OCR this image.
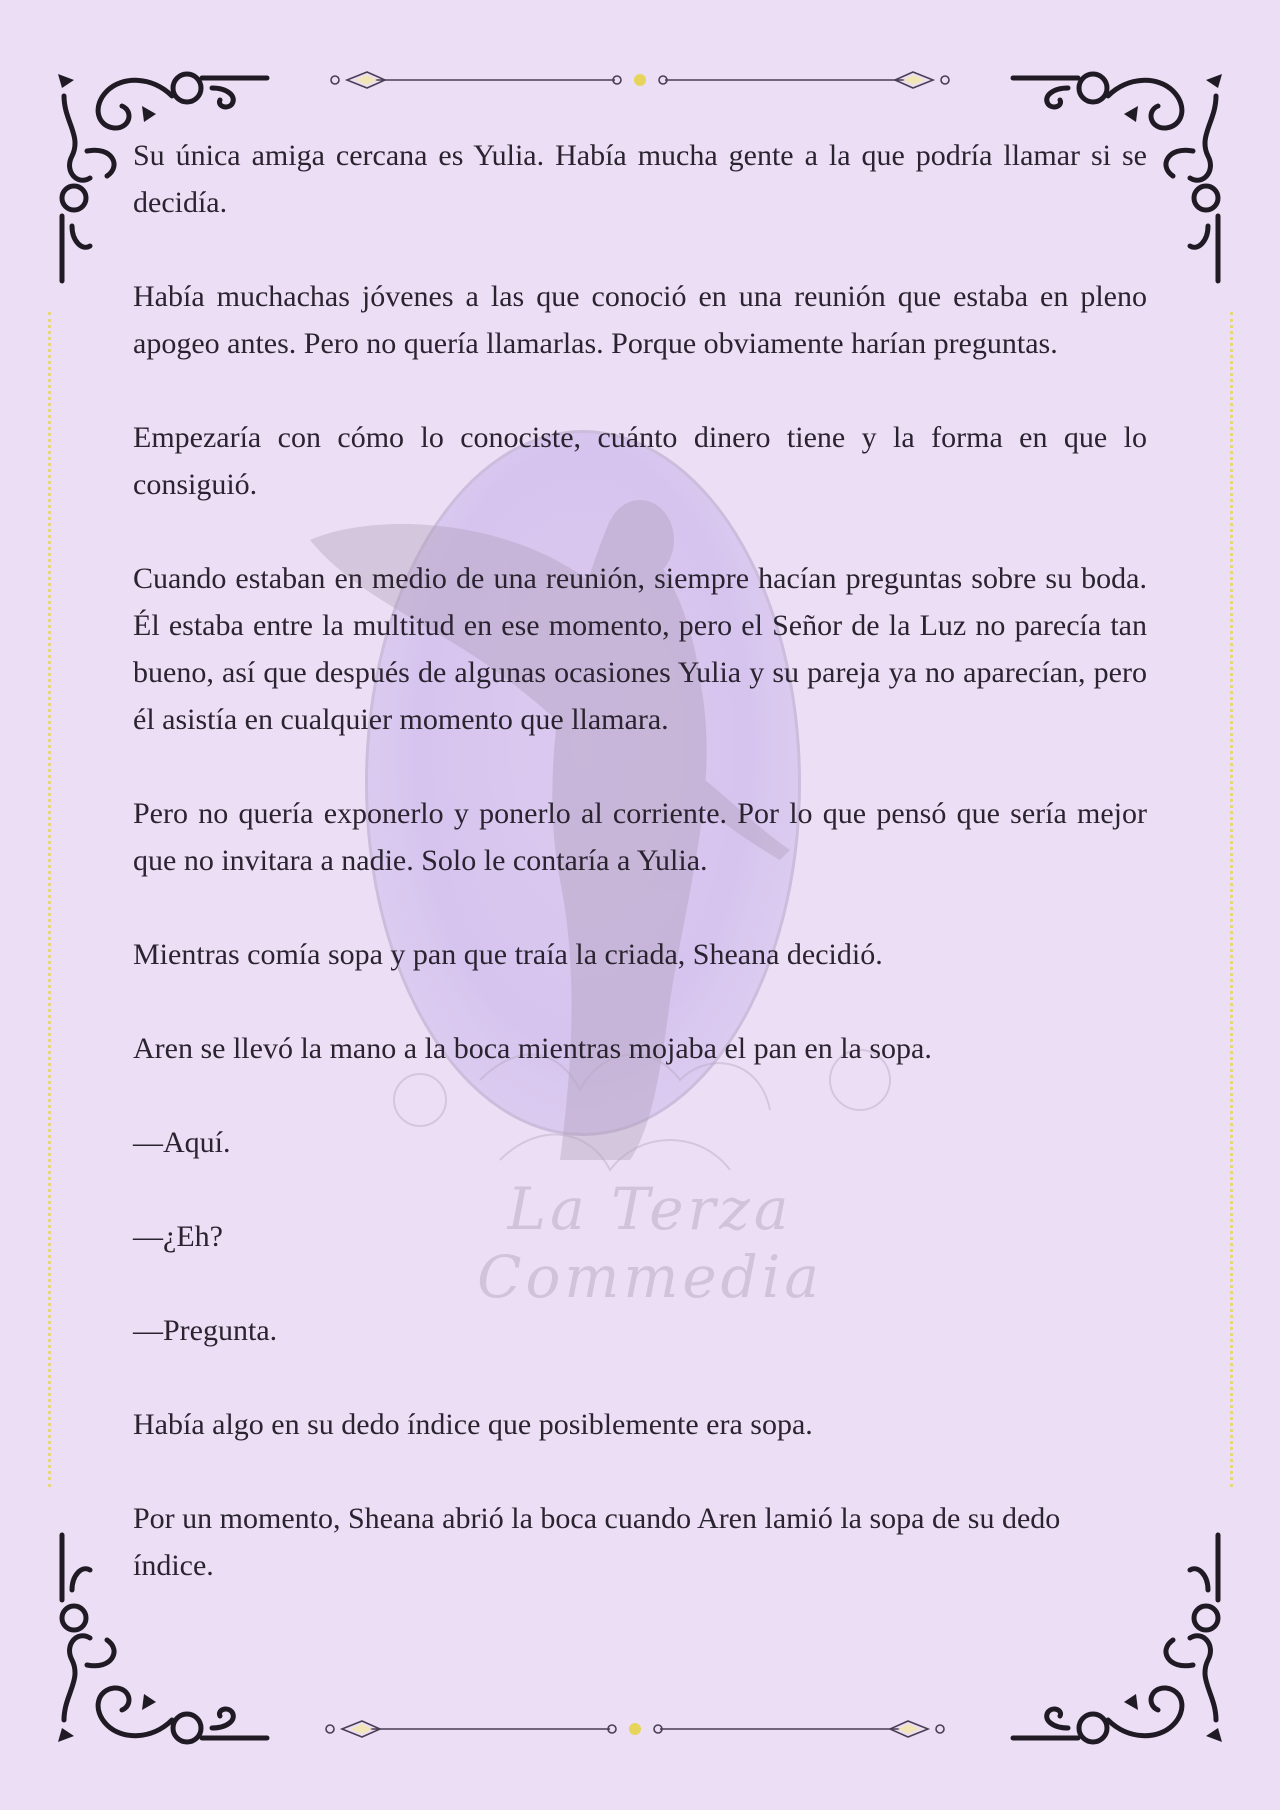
La Terza Commedia

Su única amiga cercana es Yulia. Había mucha gente a la que podría llamar si se decidía.

Había muchachas jóvenes a las que conoció en una reunión que estaba en pleno apogeo antes. Pero no quería llamarlas. Porque obviamente harían preguntas.

Empezaría con cómo lo conociste, cuánto dinero tiene y la forma en que lo consiguió.

Cuando estaban en medio de una reunión, siempre hacían preguntas sobre su boda. Él estaba entre la multitud en ese momento, pero el Señor de la Luz no parecía tan bueno, así que después de algunas ocasiones Yulia y su pareja ya no aparecían, pero él asistía en cualquier momento que llamara.

Pero no quería exponerlo y ponerlo al corriente. Por lo que pensó que sería mejor que no invitara a nadie. Solo le contaría a Yulia.

Mientras comía sopa y pan que traía la criada, Sheana decidió.

Aren se llevó la mano a la boca mientras mojaba el pan en la sopa.

—Aquí.

—¿Eh?

—Pregunta.

Había algo en su dedo índice que posiblemente era sopa.

Por un momento, Sheana abrió la boca cuando Aren lamió la sopa de su dedo índice.
